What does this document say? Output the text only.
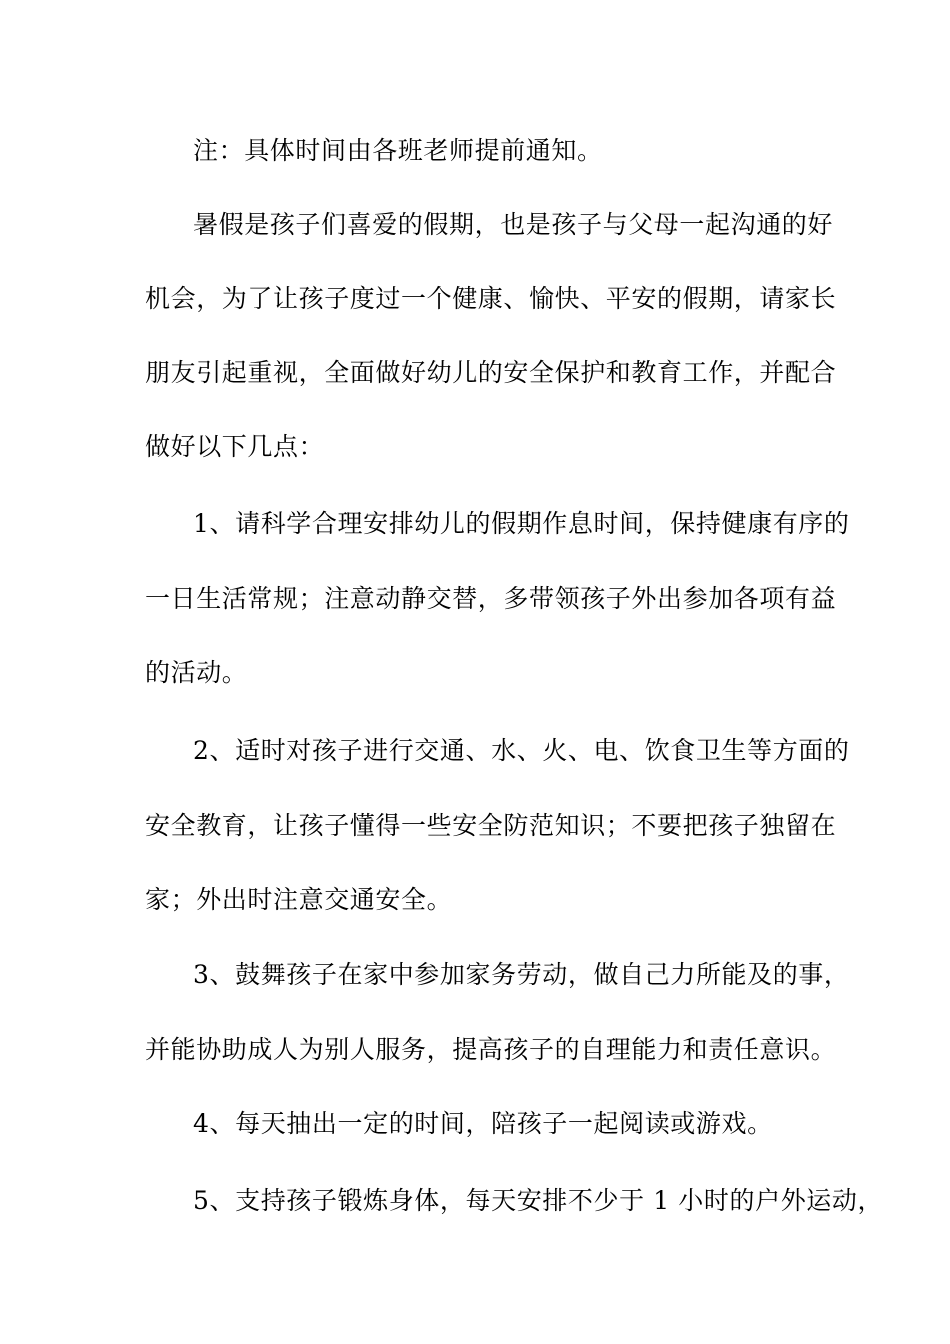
注：具体时间由各班老师提前通知。
暑假是孩子们喜爱的假期，也是孩子与父母一起沟通的好
机会，为了让孩子度过一个健康、愉快、平安的假期，请家长
朋友引起重视，全面做好幼儿的安全保护和教育工作，并配合
做好以下几点：
1、请科学合理安排幼儿的假期作息时间，保持健康有序的
一日生活常规；注意动静交替，多带领孩子外出参加各项有益
的活动。
2、适时对孩子进行交通、水、火、电、饮食卫生等方面的
安全教育，让孩子懂得一些安全防范知识；不要把孩子独留在
家；外出时注意交通安全。
3、鼓舞孩子在家中参加家务劳动，做自己力所能及的事，
并能协助成人为别人服务，提高孩子的自理能力和责任意识。
4、每天抽出一定的时间，陪孩子一起阅读或游戏。
5、支持孩子锻炼身体，每天安排不少于 1 小时的户外运动，
